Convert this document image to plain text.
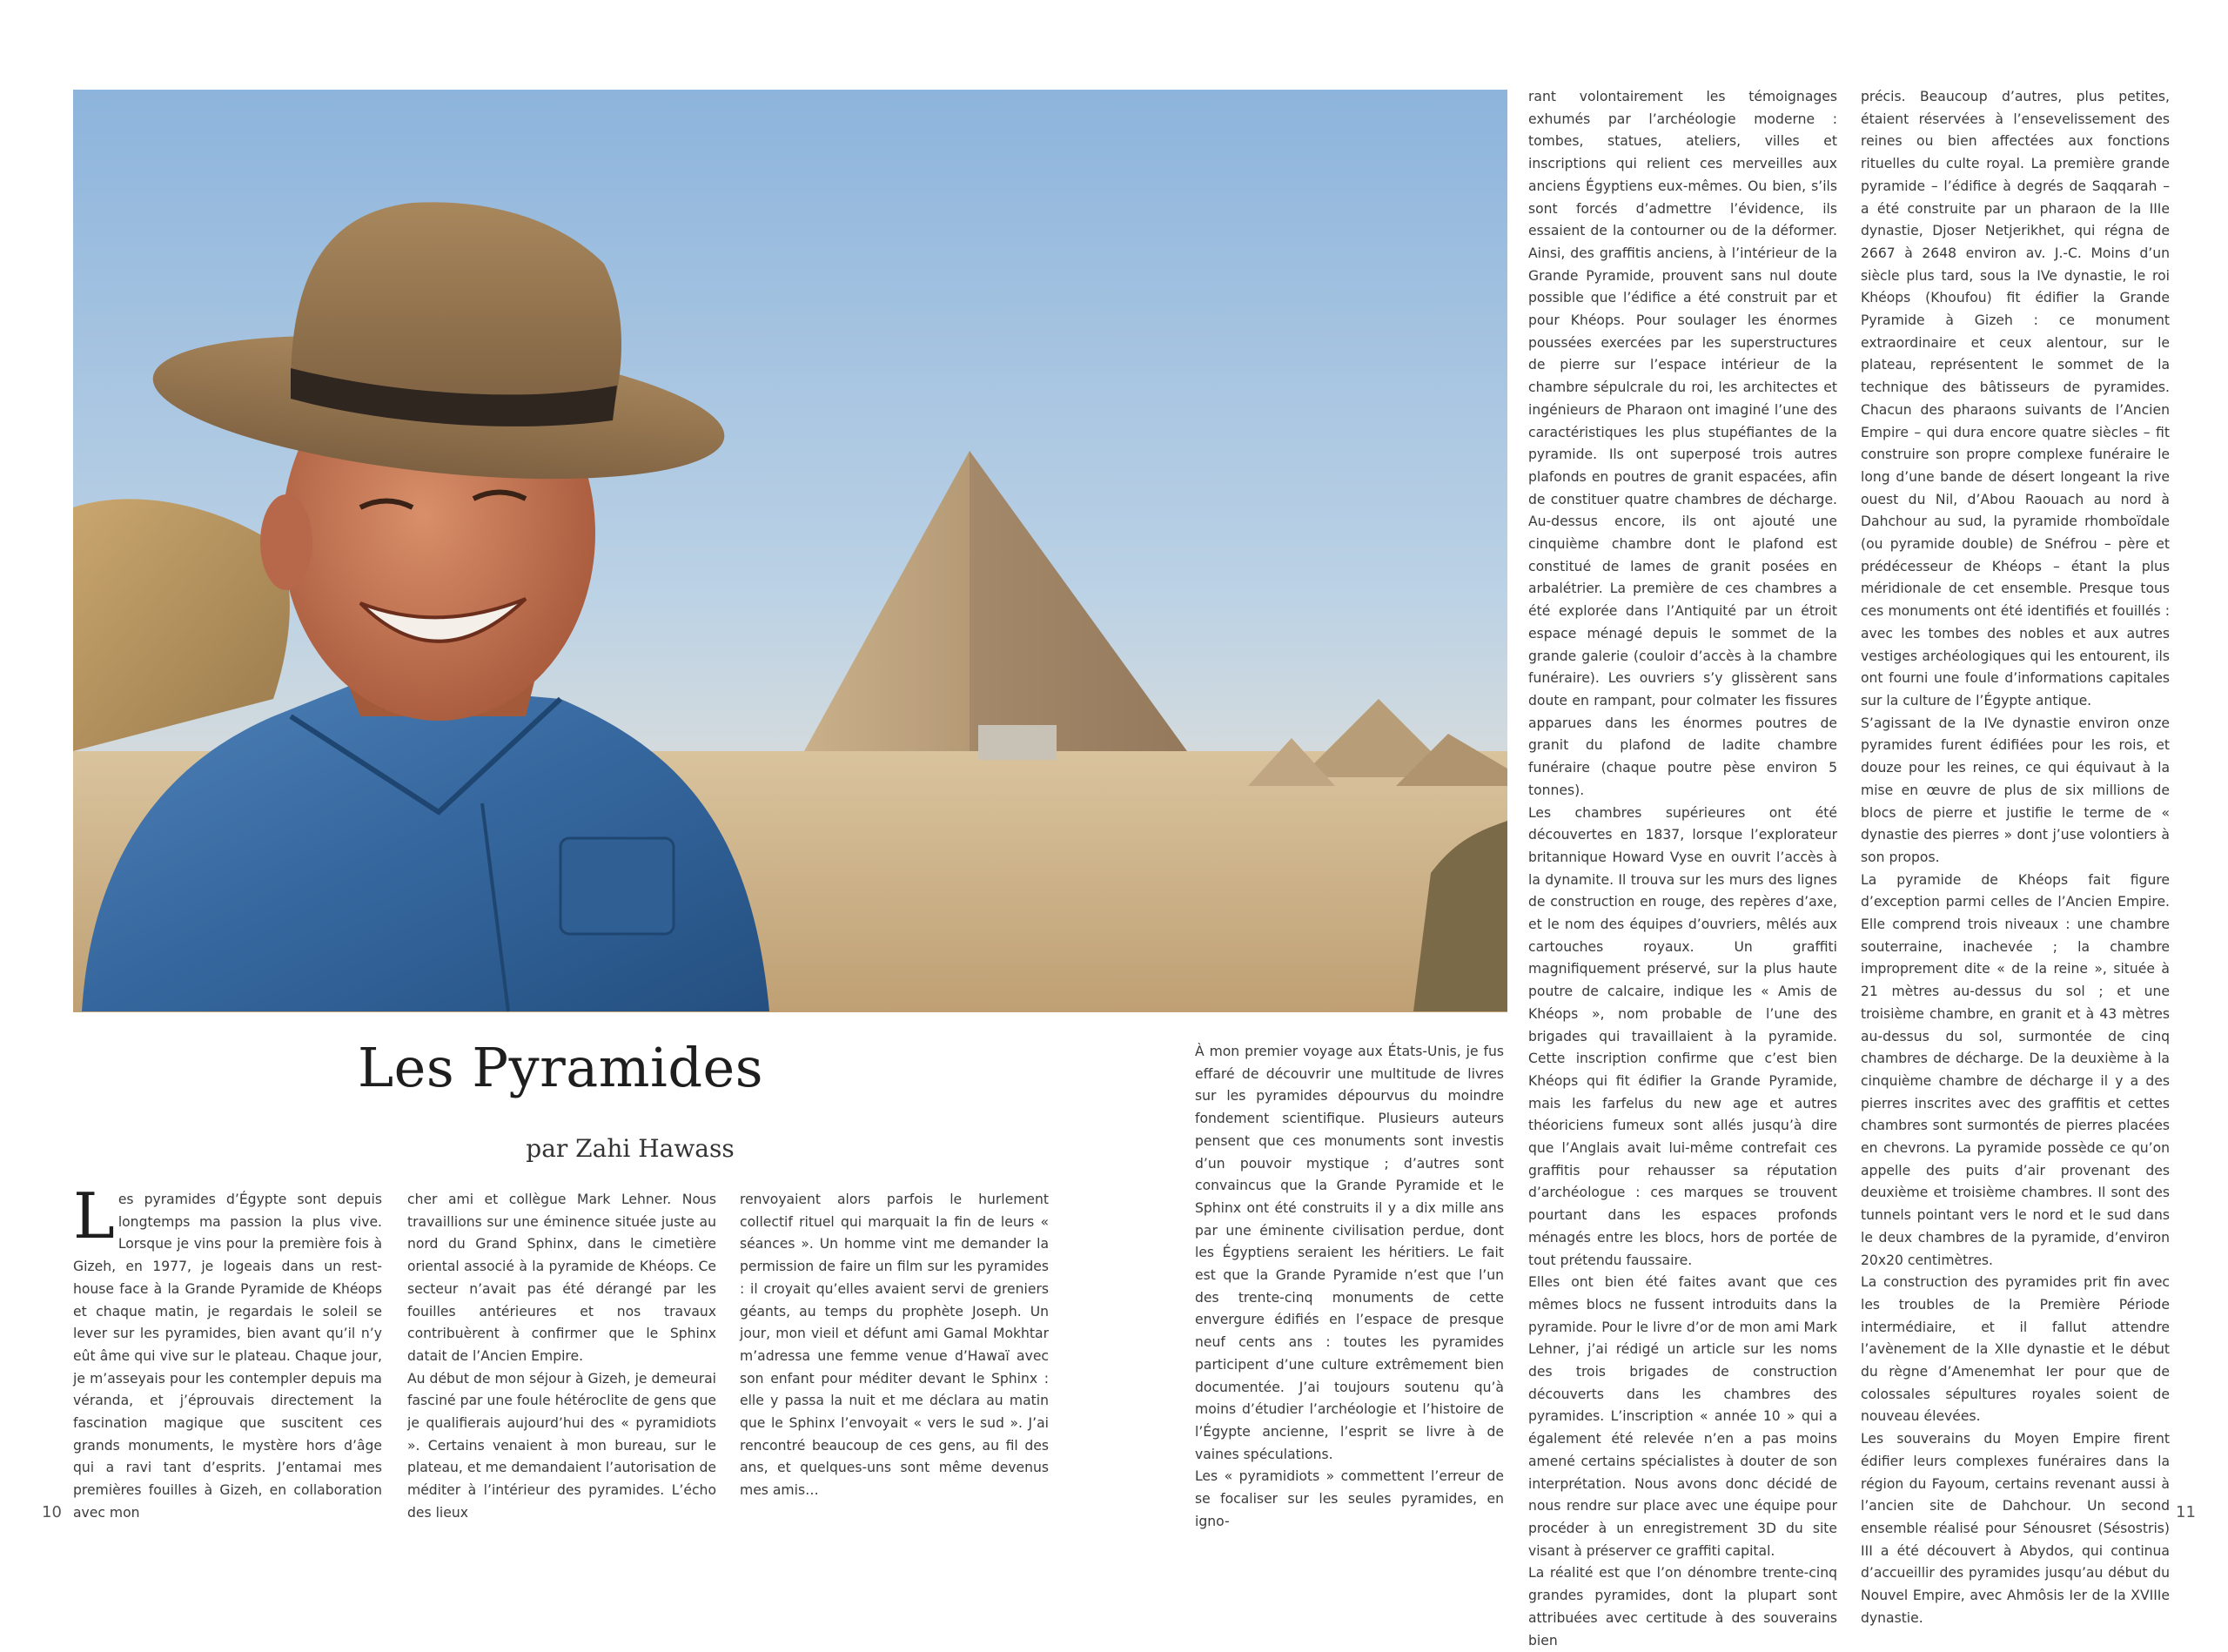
Les Pyramides
par Zahi Hawass

Les pyramides d’Égypte sont depuis longtemps ma passion la plus vive. Lorsque je vins pour la première fois à Gizeh, en 1977, je logeais dans un rest-house face à la Grande Pyramide de Khéops et chaque matin, je regardais le soleil se lever sur les pyramides, bien avant qu’il n’y eût âme qui vive sur le plateau. Chaque jour, je m’asseyais pour les contempler depuis ma véranda, et j’éprouvais directement la fascination magique que suscitent ces grands monuments, le mystère hors d’âge qui a ravi tant d’esprits. J’entamai mes premières fouilles à Gizeh, en collaboration avec mon

cher ami et collègue Mark Lehner. Nous travaillions sur une éminence située juste au nord du Grand Sphinx, dans le cimetière oriental associé à la pyramide de Khéops. Ce secteur n’avait pas été dérangé par les fouilles antérieures et nos travaux contribuèrent à confirmer que le Sphinx datait de l’Ancien Empire.

Au début de mon séjour à Gizeh, je demeurai fasciné par une foule hétéroclite de gens que je qualifierais aujourd’hui des « pyramidiots ». Certains venaient à mon bureau, sur le plateau, et me demandaient l’autorisation de méditer à l’intérieur des pyramides. L’écho des lieux

renvoyaient alors parfois le hurlement collectif rituel qui marquait la fin de leurs « séances ». Un homme vint me demander la permission de faire un film sur les pyramides : il croyait qu’elles avaient servi de greniers géants, au temps du prophète Joseph. Un jour, mon vieil et défunt ami Gamal Mokhtar m’adressa une femme venue d’Hawaï avec son enfant pour méditer devant le Sphinx : elle y passa la nuit et me déclara au matin que le Sphinx l’envoyait « vers le sud ». J’ai rencontré beaucoup de ces gens, au fil des ans, et quelques-uns sont même devenus mes amis…

À mon premier voyage aux États-Unis, je fus effaré de découvrir une multitude de livres sur les pyramides dépourvus du moindre fondement scientifique. Plusieurs auteurs pensent que ces monuments sont investis d’un pouvoir mystique ; d’autres sont convaincus que la Grande Pyramide et le Sphinx ont été construits il y a dix mille ans par une éminente civilisation perdue, dont les Égyptiens seraient les héritiers. Le fait est que la Grande Pyramide n’est que l’un des trente-cinq monuments de cette envergure édifiés en l’espace de presque neuf cents ans : toutes les pyramides participent d’une culture extrêmement bien documentée. J’ai toujours soutenu qu’à moins d’étudier l’archéologie et l’histoire de l’Égypte ancienne, l’esprit se livre à de vaines spéculations.

Les « pyramidiots » commettent l’erreur de se focaliser sur les seules pyramides, en igno-

rant volontairement les témoignages exhumés par l’archéologie moderne : tombes, statues, ateliers, villes et inscriptions qui relient ces merveilles aux anciens Égyptiens eux-mêmes. Ou bien, s’ils sont forcés d’admettre l’évidence, ils essaient de la contourner ou de la déformer. Ainsi, des graffitis anciens, à l’intérieur de la Grande Pyramide, prouvent sans nul doute possible que l’édifice a été construit par et pour Khéops. Pour soulager les énormes poussées exercées par les superstructures de pierre sur l’espace intérieur de la chambre sépulcrale du roi, les architectes et ingénieurs de Pharaon ont imaginé l’une des caractéristiques les plus stupéfiantes de la pyramide. Ils ont superposé trois autres plafonds en poutres de granit espacées, afin de constituer quatre chambres de décharge. Au-dessus encore, ils ont ajouté une cinquième chambre dont le plafond est constitué de lames de granit posées en arbalétrier. La première de ces chambres a été explorée dans l’Antiquité par un étroit espace ménagé depuis le sommet de la grande galerie (couloir d’accès à la chambre funéraire). Les ouvriers s’y glissèrent sans doute en rampant, pour colmater les fissures apparues dans les énormes poutres de granit du plafond de ladite chambre funéraire (chaque poutre pèse environ 5 tonnes).

Les chambres supérieures ont été découvertes en 1837, lorsque l’explorateur britannique Howard Vyse en ouvrit l’accès à la dynamite. Il trouva sur les murs des lignes de construction en rouge, des repères d’axe, et le nom des équipes d’ouvriers, mêlés aux cartouches royaux. Un graffiti magnifiquement préservé, sur la plus haute poutre de calcaire, indique les « Amis de Khéops », nom probable de l’une des brigades qui travaillaient à la pyramide. Cette inscription confirme que c’est bien Khéops qui fit édifier la Grande Pyramide, mais les farfelus du new age et autres théoriciens fumeux sont allés jusqu’à dire que l’Anglais avait lui-même contrefait ces graffitis pour rehausser sa réputation d’archéologue : ces marques se trouvent pourtant dans les espaces profonds ménagés entre les blocs, hors de portée de tout prétendu faussaire.

Elles ont bien été faites avant que ces mêmes blocs ne fussent introduits dans la pyramide. Pour le livre d’or de mon ami Mark Lehner, j’ai rédigé un article sur les noms des trois brigades de construction découverts dans les chambres des pyramides. L’inscription « année 10 » qui a également été relevée n’en a pas moins amené certains spécialistes à douter de son interprétation. Nous avons donc décidé de nous rendre sur place avec une équipe pour procéder à un enregistrement 3D du site visant à préserver ce graffiti capital.

La réalité est que l’on dénombre trente-cinq grandes pyramides, dont la plupart sont attribuées avec certitude à des souverains bien

précis. Beaucoup d’autres, plus petites, étaient réservées à l’ensevelissement des reines ou bien affectées aux fonctions rituelles du culte royal. La première grande pyramide – l’édifice à degrés de Saqqarah – a été construite par un pharaon de la IIIe dynastie, Djoser Netjerikhet, qui régna de 2667 à 2648 environ av. J.-C. Moins d’un siècle plus tard, sous la IVe dynastie, le roi Khéops (Khoufou) fit édifier la Grande Pyramide à Gizeh : ce monument extraordinaire et ceux alentour, sur le plateau, représentent le sommet de la technique des bâtisseurs de pyramides. Chacun des pharaons suivants de l’Ancien Empire – qui dura encore quatre siècles – fit construire son propre complexe funéraire le long d’une bande de désert longeant la rive ouest du Nil, d’Abou Raouach au nord à Dahchour au sud, la pyramide rhomboïdale (ou pyramide double) de Snéfrou – père et prédécesseur de Khéops – étant la plus méridionale de cet ensemble. Presque tous ces monuments ont été identifiés et fouillés : avec les tombes des nobles et aux autres vestiges archéologiques qui les entourent, ils ont fourni une foule d’informations capitales sur la culture de l’Égypte antique.

S’agissant de la IVe dynastie environ onze pyramides furent édifiées pour les rois, et douze pour les reines, ce qui équivaut à la mise en œuvre de plus de six millions de blocs de pierre et justifie le terme de « dynastie des pierres » dont j’use volontiers à son propos.

La pyramide de Khéops fait figure d’exception parmi celles de l’Ancien Empire. Elle comprend trois niveaux : une chambre souterraine, inachevée ; la chambre improprement dite « de la reine », située à 21 mètres au-dessus du sol ; et une troisième chambre, en granit et à 43 mètres au-dessus du sol, surmontée de cinq chambres de décharge. De la deuxième à la cinquième chambre de décharge il y a des pierres inscrites avec des graffitis et cettes chambres sont surmontés de pierres placées en chevrons. La pyramide possède ce qu’on appelle des puits d’air provenant des deuxième et troisième chambres. Il sont des tunnels pointant vers le nord et le sud dans le deux chambres de la pyramide, d’environ 20x20 centimètres.

La construction des pyramides prit fin avec les troubles de la Première Période intermédiaire, et il fallut attendre l’avènement de la XIIe dynastie et le début du règne d’Amenemhat Ier pour que de colossales sépultures royales soient de nouveau élevées.

Les souverains du Moyen Empire firent édifier leurs complexes funéraires dans la région du Fayoum, certains revenant aussi à l’ancien site de Dahchour. Un second ensemble réalisé pour Sénousret (Sésostris) III a été découvert à Abydos, qui continua d’accueillir des pyramides jusqu’au début du Nouvel Empire, avec Ahmôsis Ier de la XVIIIe dynastie.

10	11
